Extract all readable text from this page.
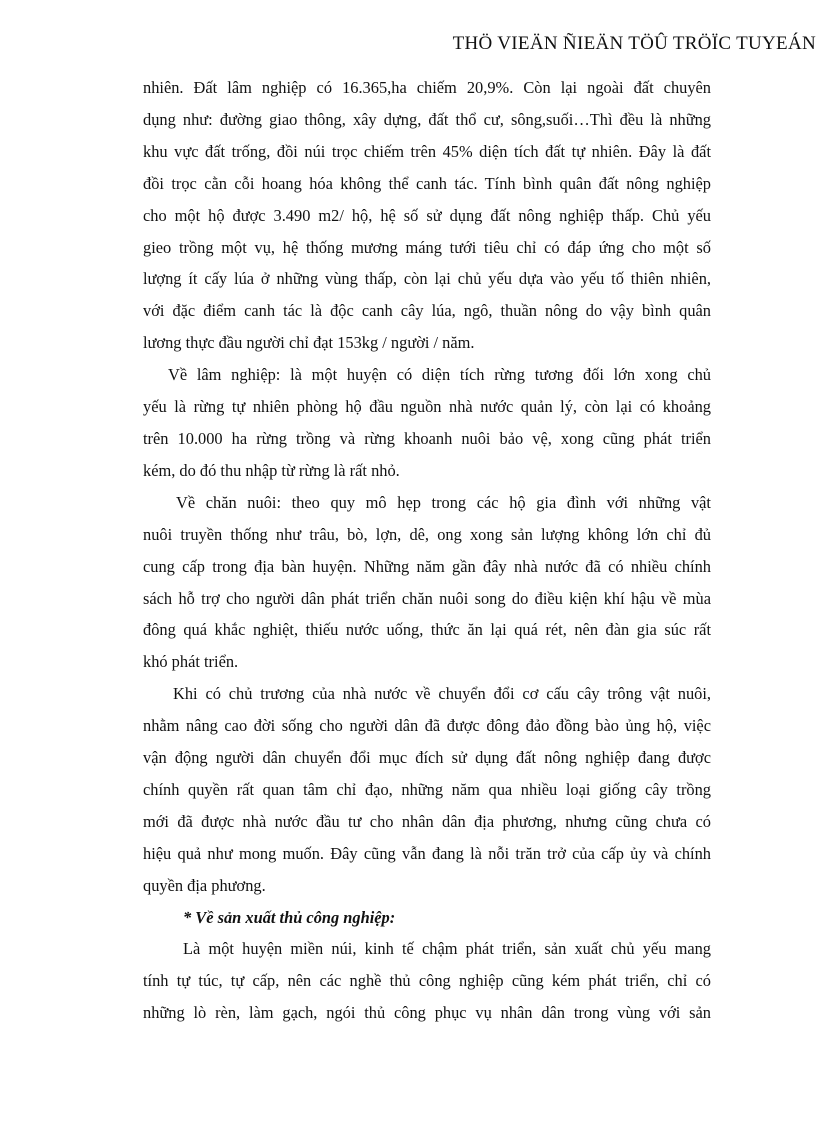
THÖ VIEÄN ÑIEÄN TÖÛ TRÖÏC TUYEÁN
nhiên. Đất lâm nghiệp có 16.365,ha chiếm 20,9%. Còn lại ngoài đất chuyên
dụng như: đường giao thông, xây dựng, đất thổ cư, sông,suối…Thì đều là những
khu vực đất trống, đồi núi trọc chiếm trên 45% diện tích đất tự nhiên. Đây là đất
đồi trọc cằn cỗi hoang hóa không thể canh tác. Tính bình quân đất nông nghiệp
cho một hộ được 3.490 m2/ hộ, hệ số sử dụng đất nông nghiệp thấp. Chủ yếu
gieo trồng một vụ, hệ thống mương máng tưới tiêu chỉ có đáp ứng cho một số
lượng ít cấy lúa ở những vùng thấp, còn lại chủ yếu dựa vào yếu tố thiên nhiên,
với đặc điểm canh tác là độc canh cây lúa, ngô, thuần nông do vậy bình quân
lương thực đầu người chỉ đạt 153kg / người / năm.
Về lâm nghiệp: là một huyện có diện tích rừng tương đối lớn xong chủ
yếu là rừng tự nhiên phòng hộ đầu nguồn nhà nước quản lý, còn lại có khoảng
trên 10.000 ha rừng trồng và rừng khoanh nuôi bảo vệ, xong cũng phát triển
kém, do đó thu nhập từ rừng là rất nhỏ.
Về chăn nuôi: theo quy mô hẹp trong các hộ gia đình với những vật
nuôi truyền thống như trâu, bò, lợn, dê, ong xong sản lượng không lớn chỉ đủ
cung cấp trong địa bàn huyện. Những năm gần đây nhà nước đã có nhiều chính
sách hỗ trợ cho người dân phát triển chăn nuôi song do điều kiện khí hậu về mùa
đông quá khắc nghiệt, thiếu nước uống, thức ăn lại quá rét, nên đàn gia súc rất
khó phát triển.
Khi có chủ trương của nhà nước về chuyển đổi cơ cấu cây trông vật nuôi,
nhằm nâng cao đời sống cho người dân đã được đông đảo đồng bào ủng hộ, việc
vận động người dân chuyển đổi mục đích sử dụng đất nông nghiệp đang được
chính quyền rất quan tâm chỉ đạo, những năm qua nhiều loại giống cây trồng
mới đã được nhà nước đầu tư cho nhân dân địa phương, nhưng cũng chưa có
hiệu quả như mong muốn. Đây cũng vẫn đang là nỗi trăn trở của cấp ủy và chính
quyền địa phương.
* Về sản xuất thủ công nghiệp:
Là một huyện miền núi, kinh tế chậm phát triển, sản xuất chủ yếu mang
tính tự túc, tự cấp, nên các nghề thủ công nghiệp cũng kém phát triển, chỉ có
những lò rèn, làm gạch, ngói thủ công phục vụ nhân dân trong vùng với sản
